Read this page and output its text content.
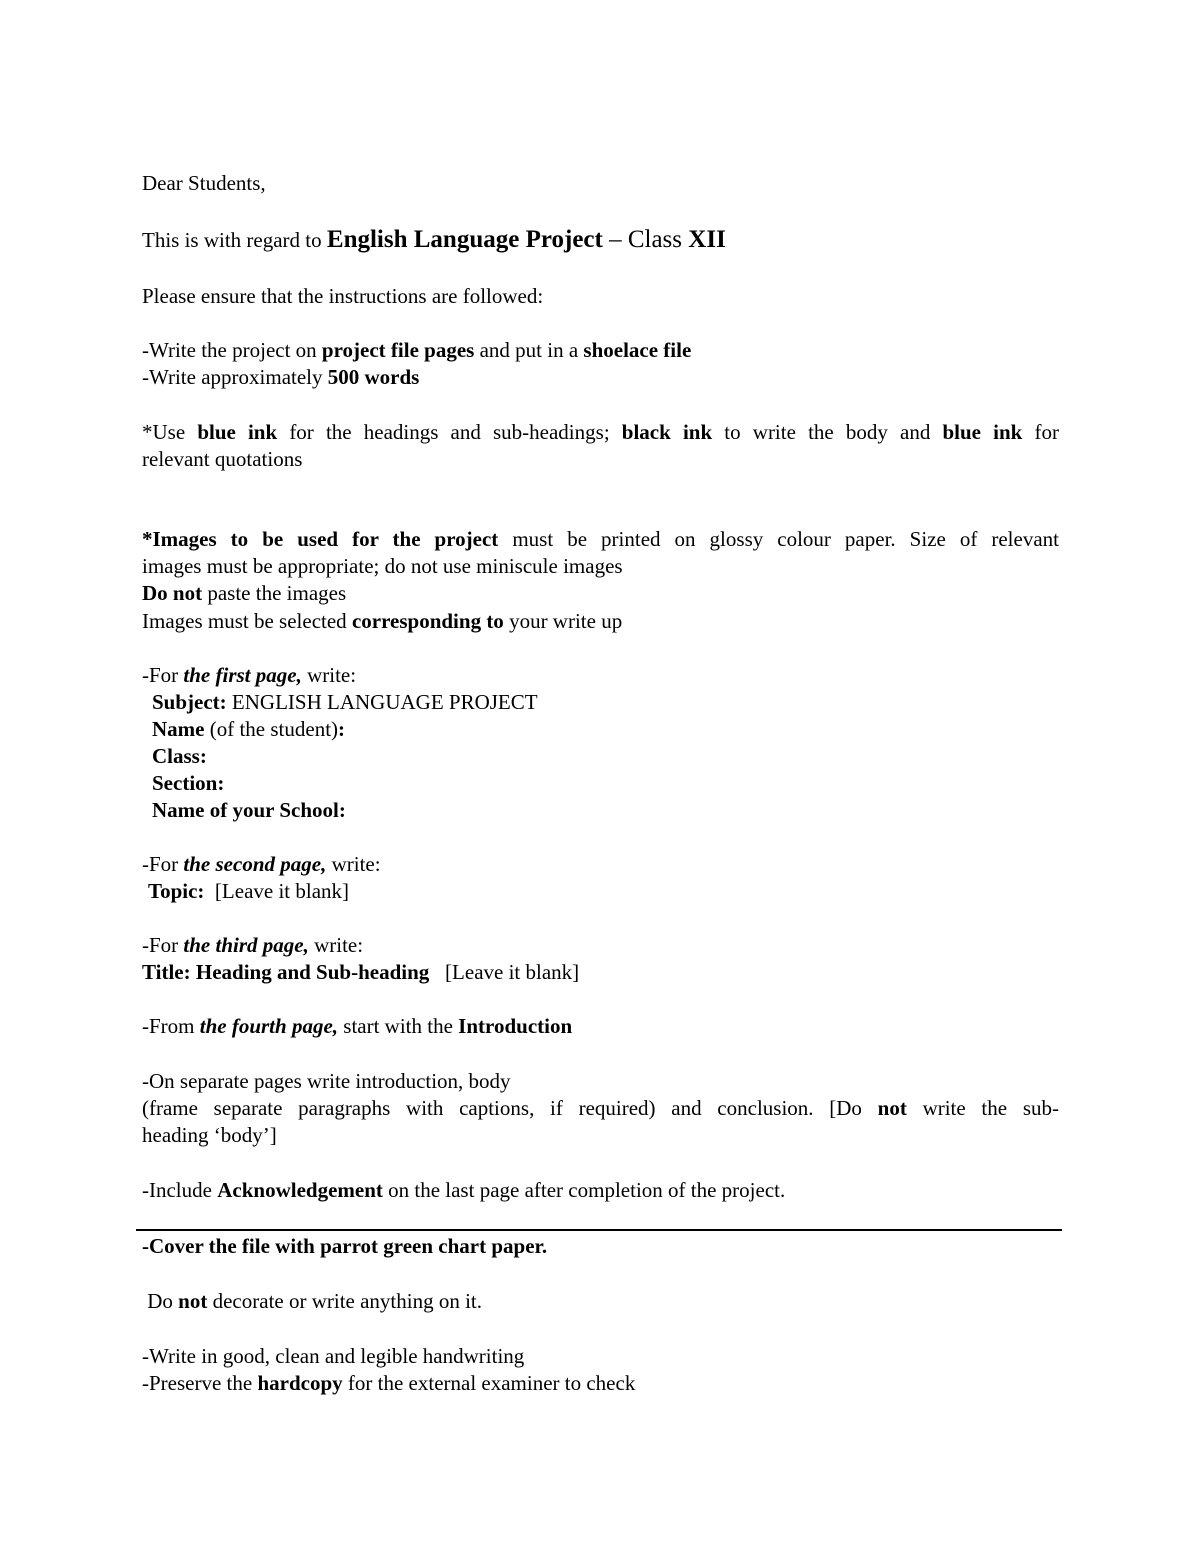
Dear Students,
This is with regard to English Language Project – Class XII
Please ensure that the instructions are followed:
-Write the project on project file pages and put in a shoelace file
-Write approximately 500 words
*Use blue ink for the headings and sub-headings; black ink to write the body and blue ink for
relevant quotations
*Images to be used for the project must be printed on glossy colour paper. Size of relevant
images must be appropriate; do not use miniscule images
Do not paste the images
Images must be selected corresponding to your write up
-For the first page, write:
Subject: ENGLISH LANGUAGE PROJECT
Name (of the student):
Class:
Section:
Name of your School:
-For the second page, write:
Topic:  [Leave it blank]
-For the third page, write:
Title: Heading and Sub-heading   [Leave it blank]
-From the fourth page, start with the Introduction
-On separate pages write introduction, body
(frame separate paragraphs with captions, if required) and conclusion. [Do not write the sub-
heading ‘body’]
-Include Acknowledgement on the last page after completion of the project.
-Cover the file with parrot green chart paper.
Do not decorate or write anything on it.
-Write in good, clean and legible handwriting
-Preserve the hardcopy for the external examiner to check
